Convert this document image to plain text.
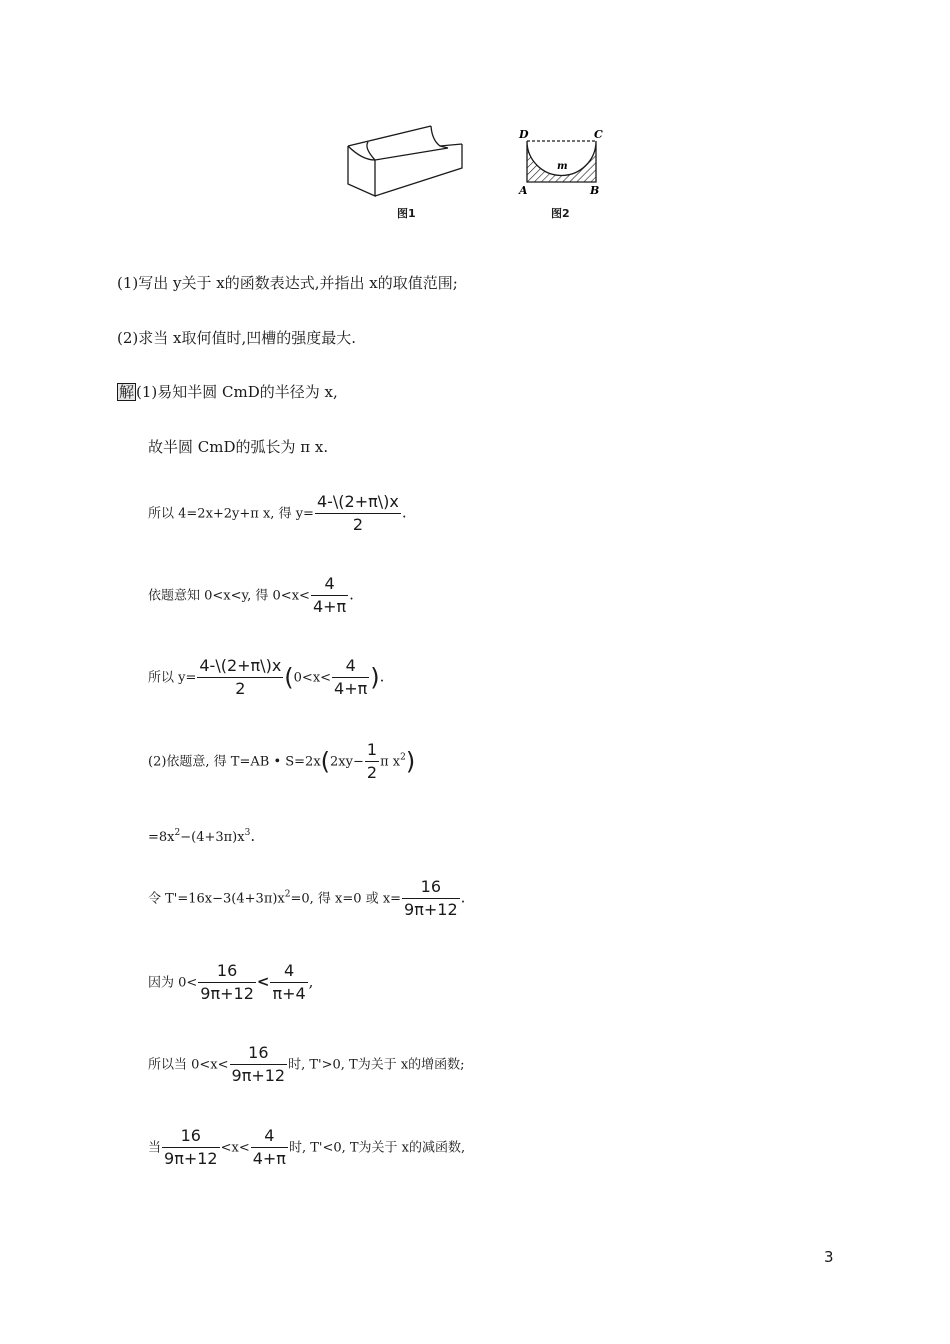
图1
D	C
A	B
m
图2
(1)写出 y关于 x的函数表达式,并指出 x的取值范围;
(2)求当 x取何值时,凹槽的强度最大.
解 (1)易知半圆 CmD的半径为 x,
故半圆 CmD的弧长为 π x.
所以 4=2x+2y+π x, 得 $y= \frac{4-\backslash(2+\pi\backslash)x}{2}$ .
依题意知 0<x<y, 得 $0<x< \frac{4}{4+\pi}$ .
所以 $y= \frac{4-\backslash(2+\pi\backslash)x}{2} (0<x< \frac{4}{4+\pi}$ ).
(2)依题意, 得 T=AB • $S=2x(2xy- \frac{1}{2}$ π $x^2$)
$=8x^2-(4+3\pi)x^3$.
令 $T'=16x-3(4+3\pi)x^2=0$, 得 x=0 或 $x= \frac{16}{9\pi+12}$ .
因为 $0< \frac{16}{9\pi+12} < \frac{4}{\pi+4}$ ,
所以当 $0<x< \frac{16}{9\pi+12}$ 时, T'>0, T为关于 x的增函数;
当 $\frac{16}{9\pi+12} <x< \frac{4}{4+\pi}$ 时, T'<0, T为关于 x的减函数,
3
